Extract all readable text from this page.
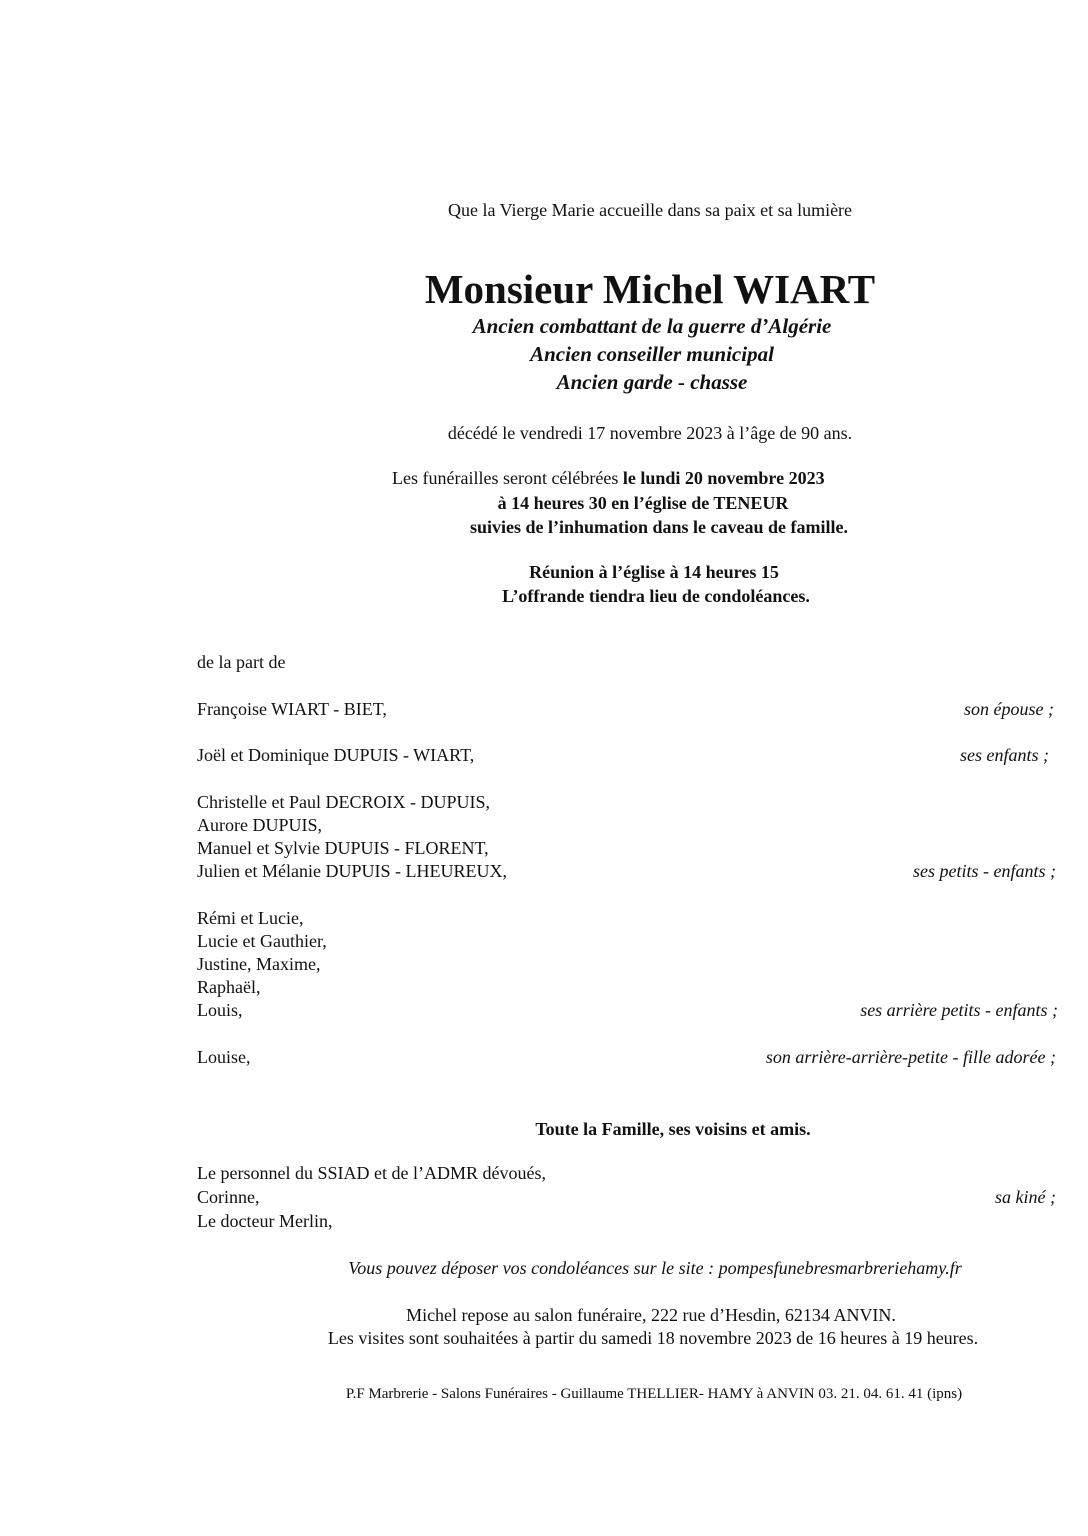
Que la Vierge Marie accueille dans sa paix et sa lumière
Monsieur Michel WIART
Ancien combattant de la guerre d’Algérie
Ancien conseiller municipal
Ancien garde - chasse
décédé le vendredi 17 novembre 2023 à l’âge de 90 ans.
Les funérailles seront célébrées le lundi 20 novembre 2023
à 14 heures 30 en l’église de TENEUR
suivies de l’inhumation dans le caveau de famille.
Réunion à l’église à 14 heures 15
L’offrande tiendra lieu de condoléances.
de la part de
Françoise WIART - BIET,	son épouse ;
Joël et Dominique DUPUIS - WIART,	ses enfants ;
Christelle et Paul DECROIX - DUPUIS,
Aurore DUPUIS,
Manuel et Sylvie DUPUIS - FLORENT,
Julien et Mélanie DUPUIS - LHEUREUX,	ses petits - enfants ;
Rémi et Lucie,
Lucie et Gauthier,
Justine, Maxime,
Raphaël,
Louis,	ses arrière petits - enfants ;
Louise,	son arrière-arrière-petite - fille adorée ;
Toute la Famille, ses voisins et amis.
Le personnel du SSIAD et de l’ADMR dévoués,
Corinne,	sa kiné ;
Le docteur Merlin,
Vous pouvez déposer vos condoléances sur le site : pompesfunebresmarbreriehamy.fr
Michel repose au salon funéraire, 222 rue d’Hesdin, 62134 ANVIN.
Les visites sont souhaitées à partir du samedi 18 novembre 2023 de 16 heures à 19 heures.
P.F Marbrerie - Salons Funéraires - Guillaume THELLIER- HAMY à ANVIN 03. 21. 04. 61. 41 (ipns)
